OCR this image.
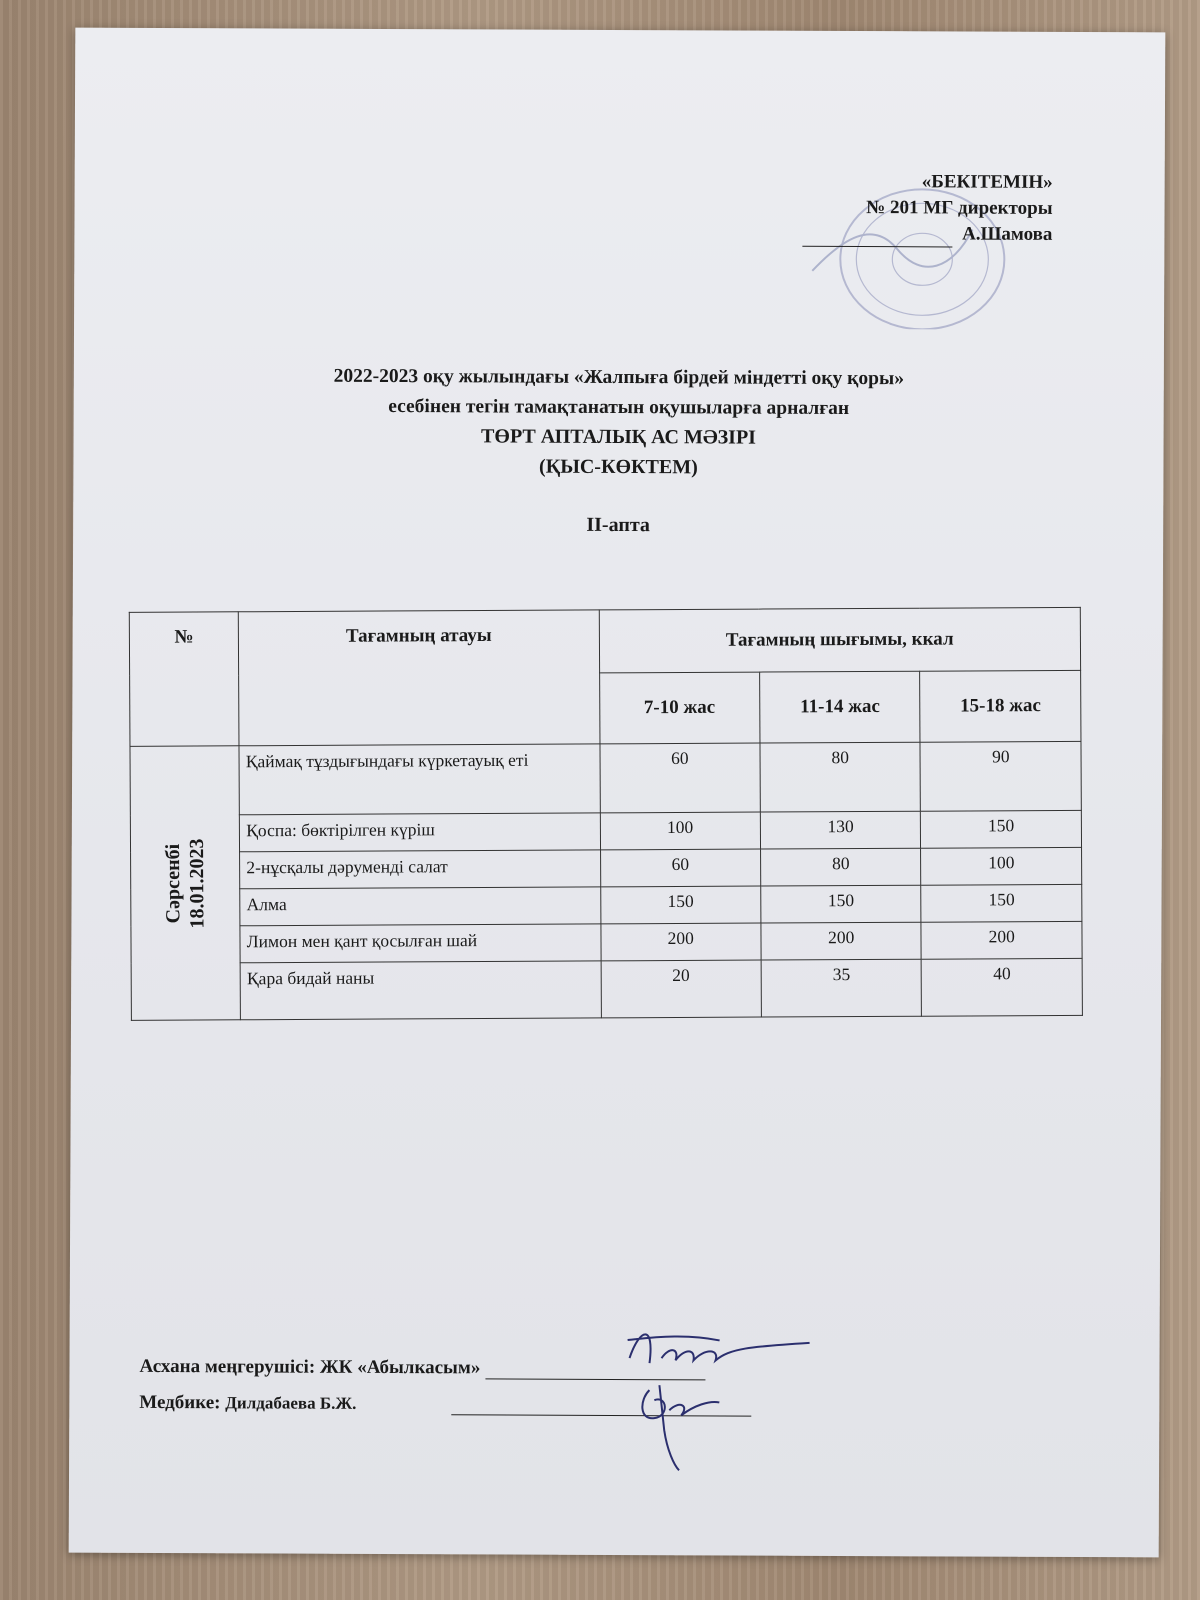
«БЕКІТЕМІН»
№ 201 МГ директоры
А.Шамова
2022-2023 оқу жылындағы «Жалпыға бірдей міндетті оқу қоры»
есебінен тегін тамақтанатын оқушыларға арналған
ТӨРТ АПТАЛЫҚ АС МӘЗІРІ
(ҚЫС-КӨКТЕМ)
ІІ-апта
№	Тағамның атауы	Тағамның шығымы, ккал		
		7-10 жас	11-14 жас	15-18 жас

Сәрсенбі 18.01.2023	Қаймақ тұздығындағы күркетауық еті	60	80	90
	Қоспа: бөктірілген күріш	100	130	150
	2-нұсқалы дәруменді салат	60	80	100
	Алма	150	150	150
	Лимон мен қант қосылған шай	200	200	200
	Қара бидай наны	20	35	40
Асхана меңгерушісі: ЖК «Абылкасым»
Медбике: Дилдабаева Б.Ж.
